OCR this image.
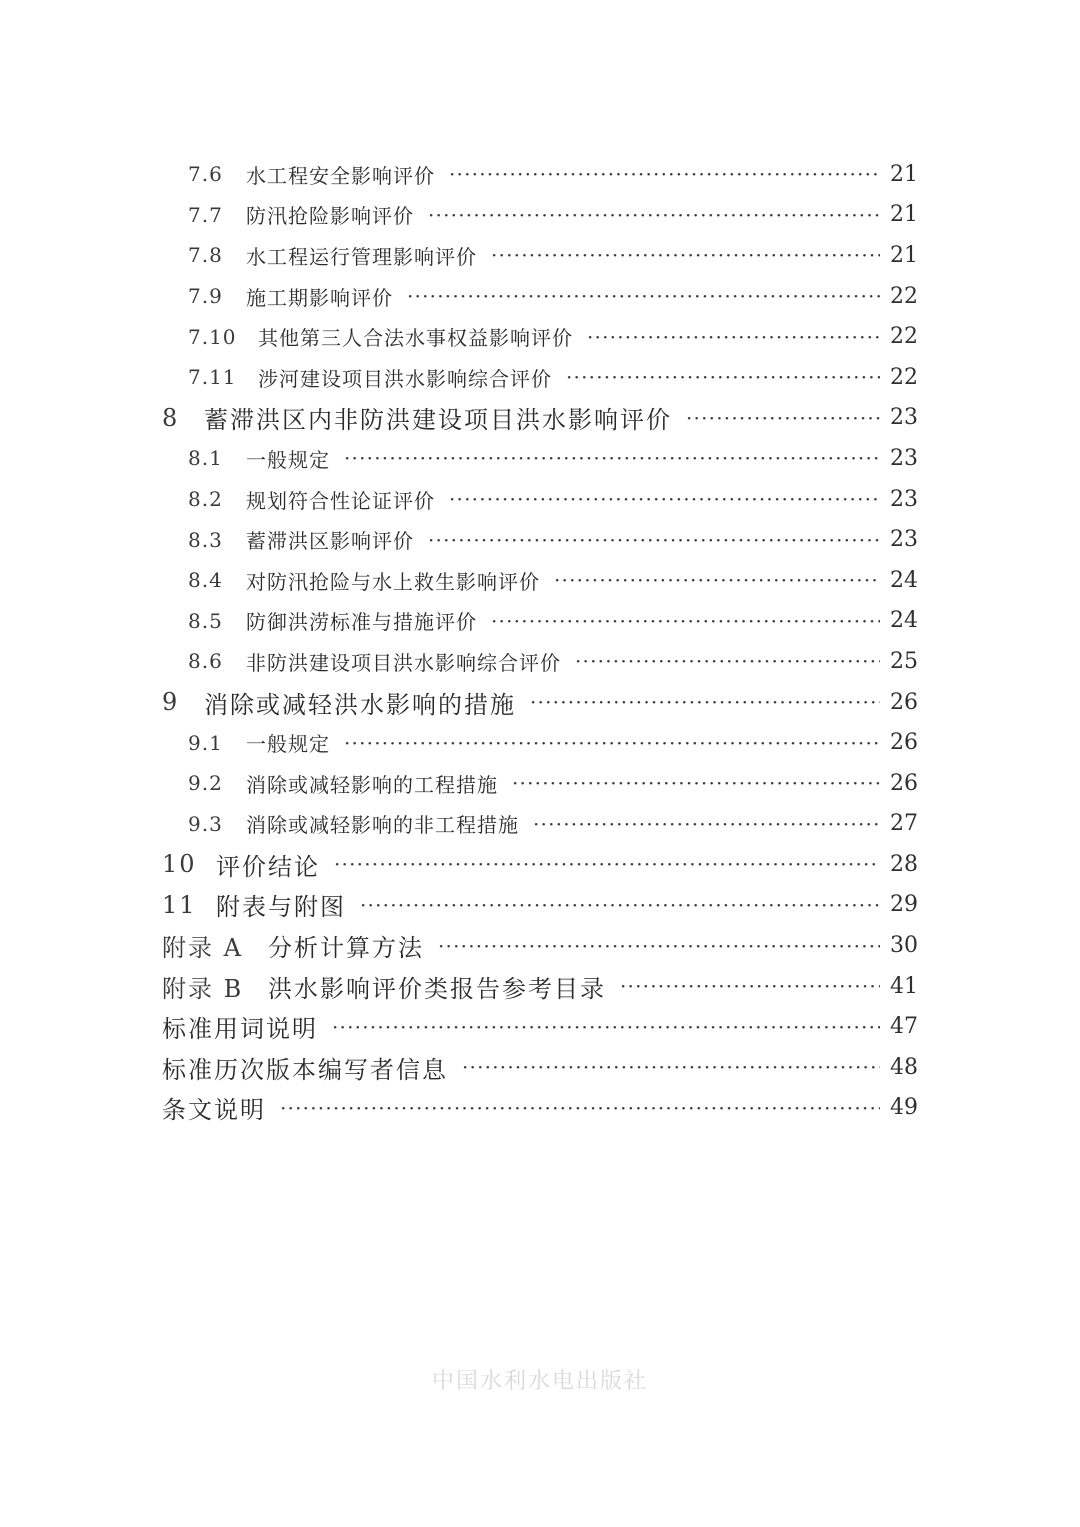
7.6	水工程安全影响评价 ·····	21
7.7	防汛抢险影响评价 ·····	21
7.8	水工程运行管理影响评价 ·····	21
7.9	施工期影响评价 ·····	22
7.10	其他第三人合法水事权益影响评价 ·····	22
7.11	涉河建设项目洪水影响综合评价 ·····	22
8	蓄滞洪区内非防洪建设项目洪水影响评价 ·····	23
8.1	一般规定 ·····	23
8.2	规划符合性论证评价 ·····	23
8.3	蓄滞洪区影响评价 ·····	23
8.4	对防汛抢险与水上救生影响评价 ·····	24
8.5	防御洪涝标准与措施评价 ·····	24
8.6	非防洪建设项目洪水影响综合评价 ·····	25
9	消除或减轻洪水影响的措施 ·····	26
9.1	一般规定 ·····	26
9.2	消除或减轻影响的工程措施 ·····	26
9.3	消除或减轻影响的非工程措施 ·····	27
10 评价结论 ·····	28
11 附表与附图 ·····	29
附录 A	分析计算方法 ·····	30
附录 B	洪水影响评价类报告参考目录 ·····	41
标准用词说明 ·····	47
标准历次版本编写者信息 ·····	48
条文说明 ·····	49
中国水利水电出版社
